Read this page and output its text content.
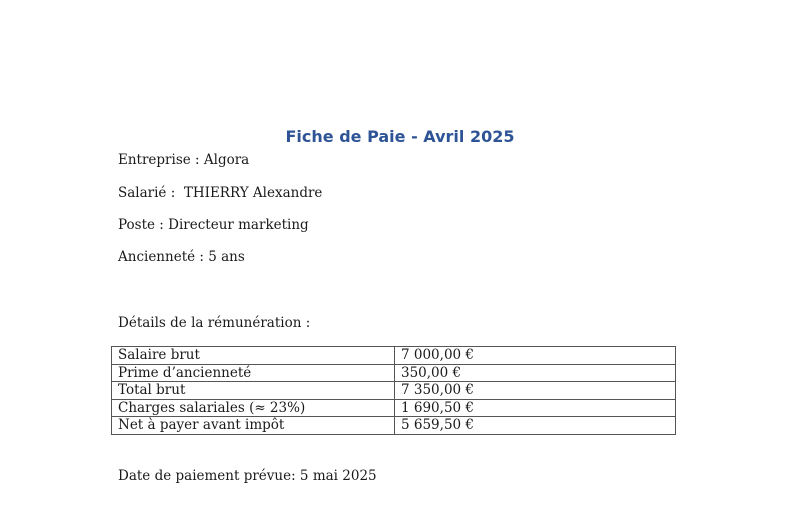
Fiche de Paie - Avril 2025
Entreprise : Algora
Salarié :  THIERRY Alexandre
Poste : Directeur marketing
Ancienneté : 5 ans
Détails de la rémunération :
Salaire brut	7 000,00 €
Prime d’ancienneté	350,00 €
Total brut	7 350,00 €
Charges salariales (≈ 23%)	1 690,50 €
Net à payer avant impôt	5 659,50 €
Date de paiement prévue: 5 mai 2025
